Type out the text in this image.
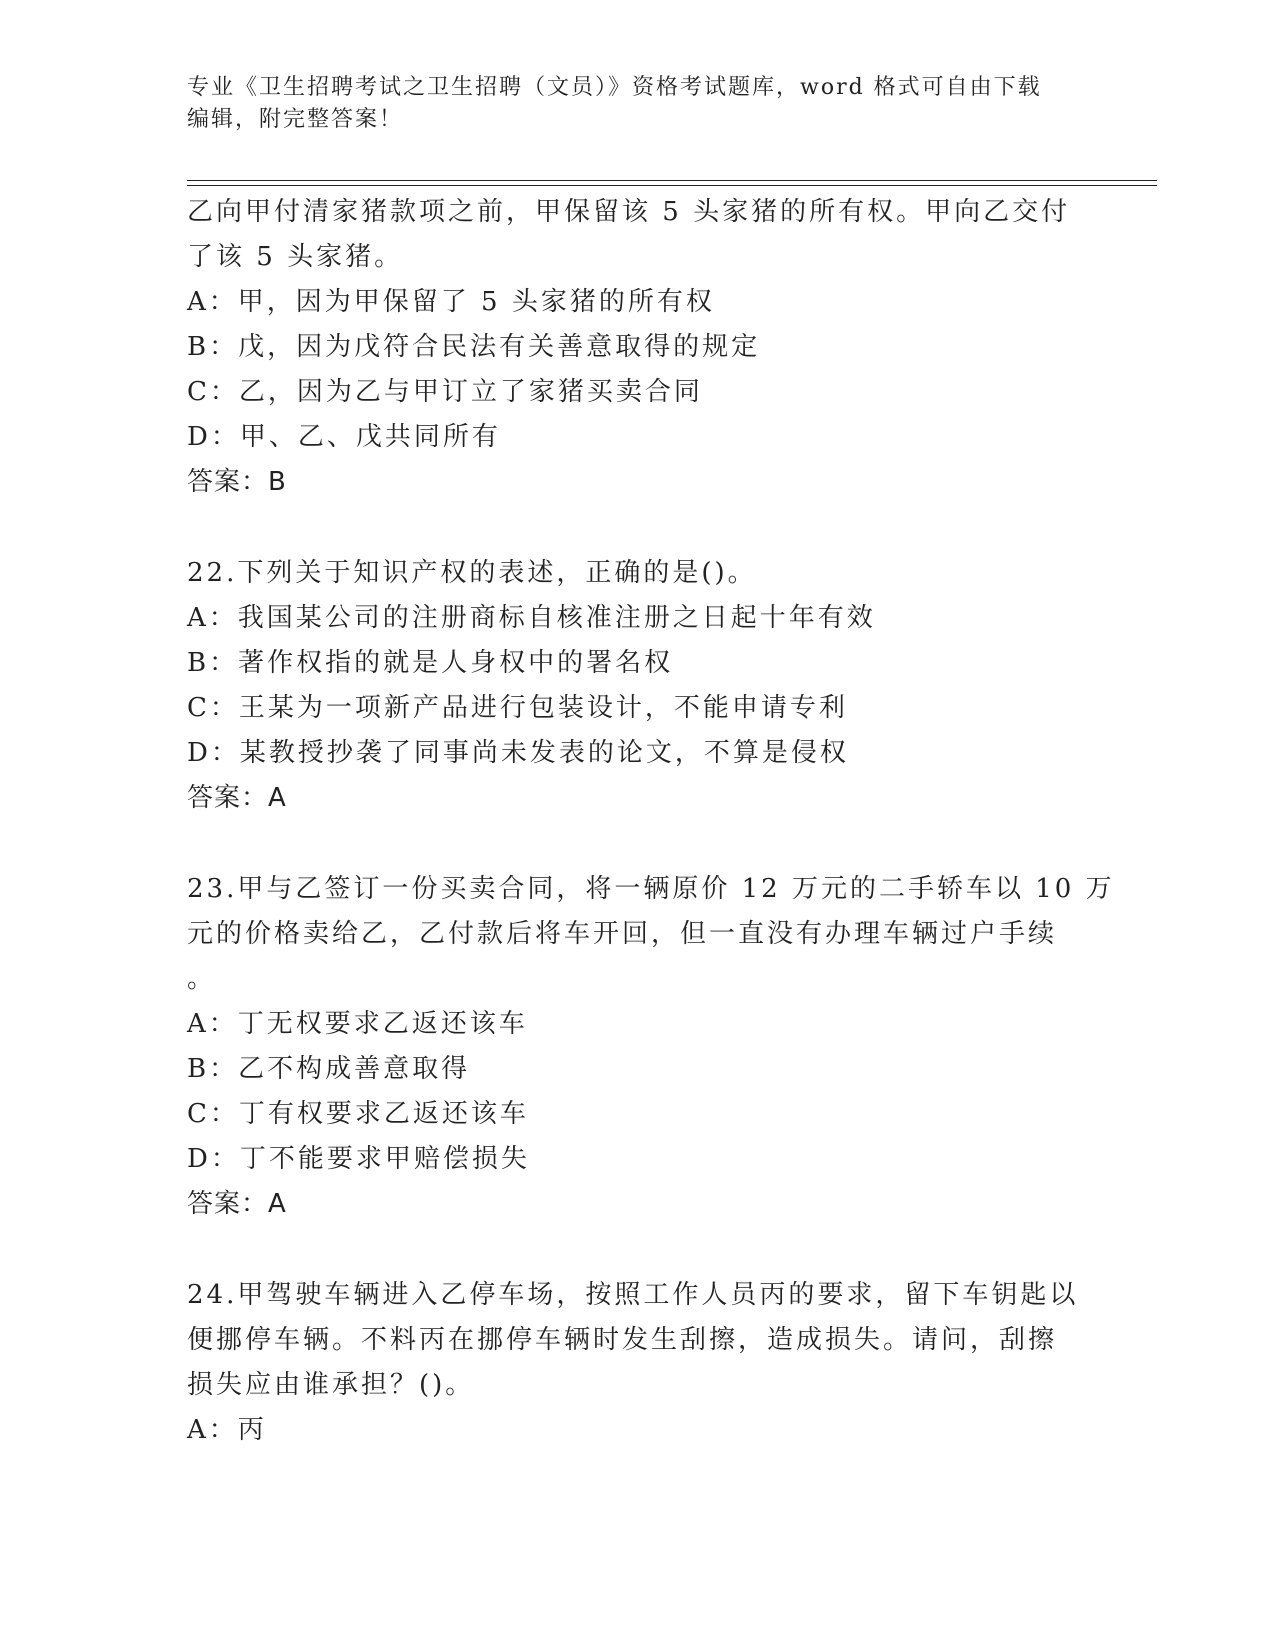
专业《卫生招聘考试之卫生招聘（文员）》资格考试题库，word 格式可自由下载
编辑，附完整答案！
乙向甲付清家猪款项之前，甲保留该 5 头家猪的所有权。甲向乙交付
了该 5 头家猪。
A：甲，因为甲保留了 5 头家猪的所有权
B：戊，因为戊符合民法有关善意取得的规定
C：乙，因为乙与甲订立了家猪买卖合同
D：甲、乙、戊共同所有
答案：B
22.下列关于知识产权的表述，正确的是()。
A：我国某公司的注册商标自核准注册之日起十年有效
B：著作权指的就是人身权中的署名权
C：王某为一项新产品进行包装设计，不能申请专利
D：某教授抄袭了同事尚未发表的论文，不算是侵权
答案：A
23.甲与乙签订一份买卖合同，将一辆原价 12 万元的二手轿车以 10 万
元的价格卖给乙，乙付款后将车开回，但一直没有办理车辆过户手续
。
A：丁无权要求乙返还该车
B：乙不构成善意取得
C：丁有权要求乙返还该车
D：丁不能要求甲赔偿损失
答案：A
24.甲驾驶车辆进入乙停车场，按照工作人员丙的要求，留下车钥匙以
便挪停车辆。不料丙在挪停车辆时发生刮擦，造成损失。请问，刮擦
损失应由谁承担？()。
A：丙
